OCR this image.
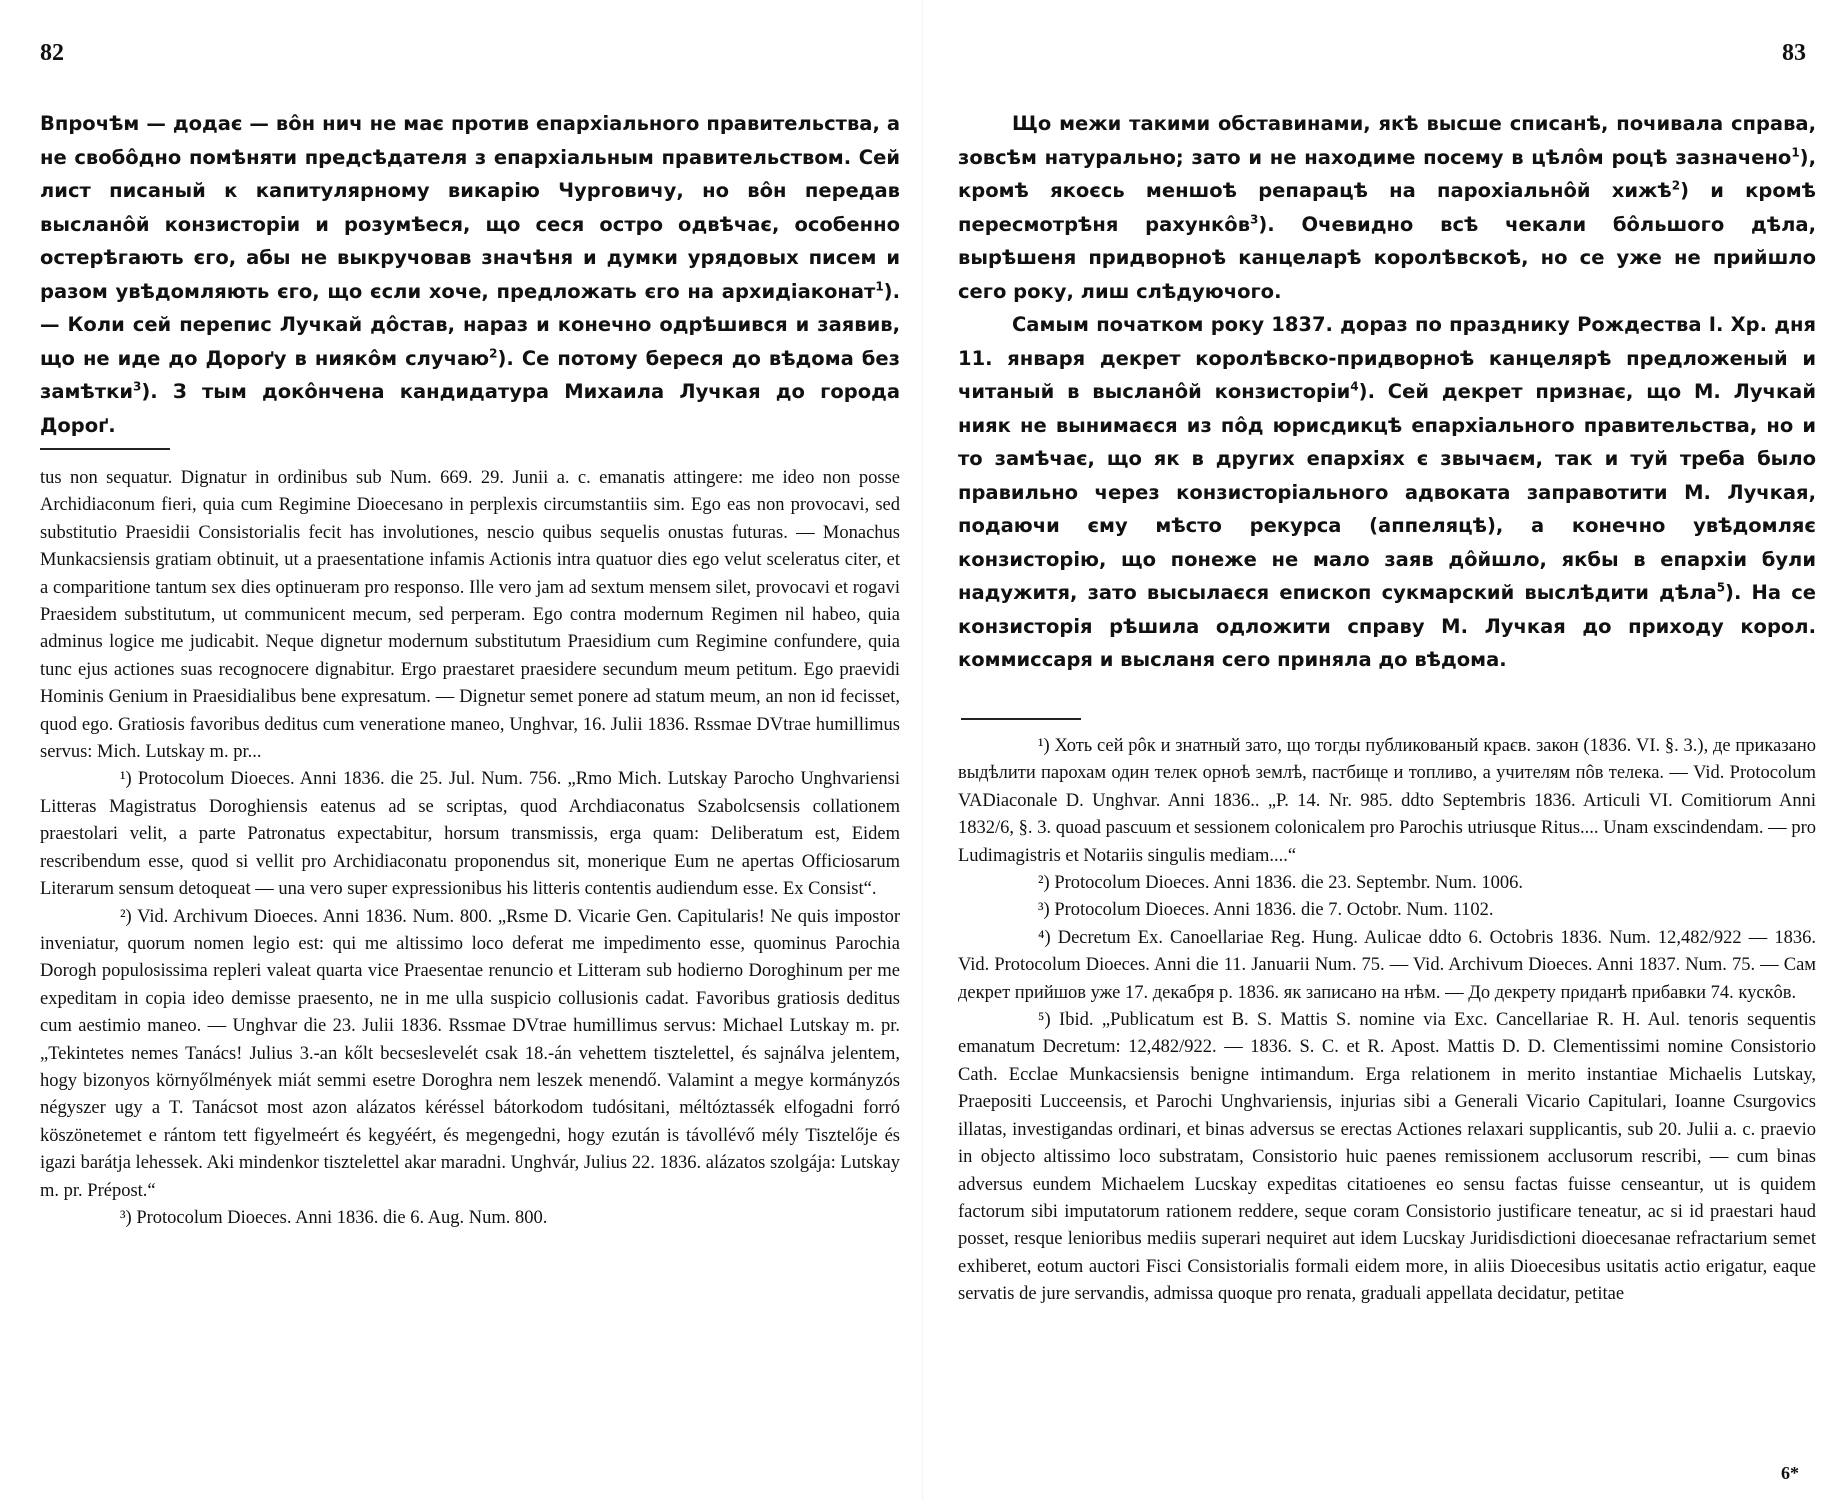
82

Впрочѣм — додає — вôн нич не має против епархіального правительства, а не свобôдно помѣняти предсѣдателя з епархіальным правительством. Сей лист писаный к капитулярному викарію Чурговичу, но вôн передав высланôй конзисторіи и розумѣеся, що сеся остро одвѣчає, особенно остерѣгають єго, абы не выкручовав значѣня и думки урядовых писем и разом увѣдомляють єго, що єсли хоче, предложать єго на архидіаконат$^1$). — Коли сей перепис Лучкай дôстав, нараз и конечно одрѣшився и заявив, що не иде до Дороґу в ниякôм случаю$^2$). Се потому береся до вѣдома без замѣтки$^3$). З тым докôнчена кандидатура Михаила Лучкая до города Дороґ.

tus non sequatur. Dignatur in ordinibus sub Num. 669. 29. Junii a. c. emanatis attingere: me ideo non posse Archidiaconum fieri, quia cum Regimine Dioecesano in perplexis circumstantiis sim. Ego eas non provocavi, sed substitutio Praesidii Consistorialis fecit has involutiones, nescio quibus sequelis onustas futuras. — Monachus Munkacsiensis gratiam obtinuit, ut a praesentatione infamis Actionis intra quatuor dies ego velut sceleratus citer, et a comparitione tantum sex dies optinueram pro responso. Ille vero jam ad sextum mensem silet, provocavi et rogavi Praesidem substitutum, ut communicent mecum, sed perperam. Ego contra modernum Regimen nil habeo, quia adminus logice me judicabit. Neque dignetur modernum substitutum Praesidium cum Regimine confundere, quia tunc ejus actiones suas recognocere dignabitur. Ergo praestaret praesidere secundum meum petitum. Ego praevidi Hominis Genium in Praesidialibus bene expresatum. — Dignetur semet ponere ad statum meum, an non id fecisset, quod ego. Gratiosis favoribus deditus cum veneratione maneo, Unghvar, 16. Julii 1836. Rssmae DVtrae humillimus servus: Mich. Lutskay m. pr...

¹) Protocolum Dioeces. Anni 1836. die 25. Jul. Num. 756. „Rmo Mich. Lutskay Parocho Unghvariensi Litteras Magistratus Doroghiensis eatenus ad se scriptas, quod Archdiaconatus Szabolcsensis collationem praestolari velit, a parte Patronatus expectabitur, horsum transmissis, erga quam: Deliberatum est, Eidem rescribendum esse, quod si vellit pro Archidiaconatu proponendus sit, monerique Eum ne apertas Officiosarum Literarum sensum detoqueat — una vero super expressionibus his litteris contentis audiendum esse. Ex Consist“.

²) Vid. Archivum Dioeces. Anni 1836. Num. 800. „Rsme D. Vicarie Gen. Capitularis! Ne quis impostor inveniatur, quorum nomen legio est: qui me altissimo loco deferat me impedimento esse, quominus Parochia Dorogh populosissima repleri valeat quarta vice Praesentae renuncio et Litteram sub hodierno Doroghinum per me expeditam in copia ideo demisse praesento, ne in me ulla suspicio collusionis cadat. Favoribus gratiosis deditus cum aestimio maneo. — Unghvar die 23. Julii 1836. Rssmae DVtrae humillimus servus: Michael Lutskay m. pr. „Tekintetes nemes Tanács! Julius 3.-an kőlt becseslevelét csak 18.-án vehettem tisztelettel, és sajnálva jelentem, hogy bizonyos környőlmények miát semmi esetre Doroghra nem leszek menendő. Valamint a megye kormányzós négyszer ugy a T. Tanácsot most azon alázatos kéréssel bátorkodom tudósitani, méltóztassék elfogadni forró köszönetemet e rántom tett figyelmeért és kegyéért, és megengedni, hogy ezután is távollévő mély Tisztelője és igazi barátja lehessek. Aki mindenkor tisztelettel akar maradni. Unghvár, Julius 22. 1836. alázatos szolgája: Lutskay m. pr. Prépost.“

³) Protocolum Dioeces. Anni 1836. die 6. Aug. Num. 800.

83

Що межи такими обставинами, якѣ высше списанѣ, почивала справа, зовсѣм натурально; зато и не находиме посему в цѣлôм роцѣ зазначено$^1$), кромѣ якоєсь меншоѣ репарацѣ на парохіальнôй хижѣ$^2$) и кромѣ пересмотрѣня рахункôв$^3$). Очевидно всѣ чекали бôльшого дѣла, вырѣшеня придворноѣ канцеларѣ королѣвскоѣ, но се уже не прийшло сего року, лиш слѣдуючого.

Самым початком року 1837. дораз по празднику Рождества І. Хр. дня 11. января декрет королѣвско-придворноѣ канцелярѣ предложеный и читаный в высланôй конзисторіи$^4$). Сей декрет признає, що М. Лучкай нияк не вынимаєся из пôд юрисдикцѣ епархіального правительства, но и то замѣчає, що як в других епархіях є звычаєм, так и туй треба было правильно через конзисторіального адвоката заправотити М. Лучкая, подаючи єму мѣсто рекурса (аппеляцѣ), а конечно увѣдомляє конзисторію, що понеже не мало заяв дôйшло, якбы в епархіи були надужитя, зато высылаєся епископ сукмарский выслѣдити дѣла$^5$). На се конзисторія рѣшила одложити справу М. Лучкая до приходу корол. коммиссаря и высланя сего приняла до вѣдома.

¹) Хоть сей рôк и знатный зато, що тогды публикованый краєв. закон (1836. VI. §. 3.), де приказано выдѣлити парохам один телек орноѣ землѣ, пастбище и топливо, а учителям пôв телека. — Vid. Protocolum VADiaconale D. Unghvar. Anni 1836.. „P. 14. Nr. 985. ddto Septembris 1836. Articuli VI. Comitiorum Anni 1832/6, §. 3. quoad pascuum et sessionem colonicalem pro Parochis utriusque Ritus.... Unam exscindendam. — pro Ludimagistris et Notariis singulis mediam....“

²) Protocolum Dioeces. Anni 1836. die 23. Septembr. Num. 1006.

³) Protocolum Dioeces. Anni 1836. die 7. Octobr. Num. 1102.

⁴) Decretum Ex. Canoellariae Reg. Hung. Aulicae ddto 6. Octobris 1836. Num. 12,482/922 — 1836. Vid. Protocolum Dioeces. Anni die 11. Januarii Num. 75. — Vid. Archivum Dioeces. Anni 1837. Num. 75. — Сам декрет прийшов уже 17. декабря р. 1836. як записано на нѣм. — До декрету пρиданѣ прибавки 74. кускôв.

⁵) Ibid. „Publicatum est B. S. Mattis S. nomine via Exc. Cancellariae R. H. Aul. tenoris sequentis emanatum Decretum: 12,482/922. — 1836. S. C. et R. Apost. Mattis D. D. Clementissimi nomine Consistorio Cath. Ecclae Munkacsiensis benigne intimandum. Erga relationem in merito instantiae Michaelis Lutskay, Praepositi Lucceensis, et Parochi Unghvariensis, injurias sibi a Generali Vicario Capitulari, Ioanne Csurgovics illatas, investigandas ordinari, et binas adversus se erectas Actiones relaxari supplicantis, sub 20. Julii a. c. praevio in objecto altissimo loco substratam, Consistorio huic paenes remissionem acclusorum rescribi, — cum binas adversus eundem Michaelem Lucskay expeditas citatioenes eo sensu factas fuisse censeantur, ut is quidem factorum sibi imputatorum rationem reddere, seque coram Consistorio justificare teneatur, ac si id praestari haud posset, resque lenioribus mediis superari nequiret aut idem Lucskay Juridisdictioni dioecesanae refractarium semet exhiberet, eotum auctori Fisci Consistorialis formali eidem more, in aliis Dioecesibus usitatis actio erigatur, eaque servatis de jure servandis, admissa quoque pro renata, graduali appellata decidatur, petitae

6*
